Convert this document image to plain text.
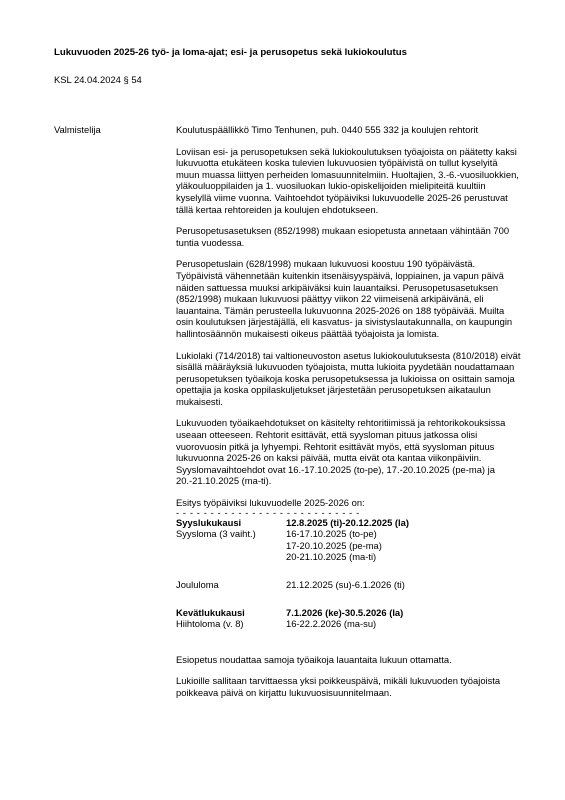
Lukuvuoden 2025-26 työ- ja loma-ajat; esi- ja perusopetus sekä lukiokoulutus
KSL 24.04.2024 § 54
Valmistelija	Koulutuspäällikkö Timo Tenhunen, puh. 0440 555 332 ja koulujen rehtorit

Loviisan esi- ja perusopetuksen sekä lukiokoulutuksen työajoista on päätetty kaksi lukuvuotta etukäteen koska tulevien lukuvuosien työpäivistä on tullut kyselyitä muun muassa liittyen perheiden lomasuunnitelmiin. Huoltajien, 3.-6.-vuosiluokkien, yläkouluoppilaiden ja 1. vuosiluokan lukio-opiskelijoiden mielipiteitä kuultiin kyselyllä viime vuonna. Vaihtoehdot työpäiviksi lukuvuodelle 2025-26 perustuvat tällä kertaa rehtoreiden ja koulujen ehdotukseen.

Perusopetusasetuksen (852/1998) mukaan esiopetusta annetaan vähintään 700 tuntia vuodessa.

Perusopetuslain (628/1998) mukaan lukuvuosi koostuu 190 työpäivästä. Työpäivistä vähennetään kuitenkin itsenäisyyspäivä, loppiainen, ja vapun päivä näiden sattuessa muuksi arkipäiväksi kuin lauantaiksi. Perusopetusasetuksen (852/1998) mukaan lukuvuosi päättyy viikon 22 viimeisenä arkipäivänä, eli lauantaina. Tämän perusteella lukuvuonna 2025-2026 on 188 työpäivää. Muilta osin koulutuksen järjestäjällä, eli kasvatus- ja sivistyslautakunnalla, on kaupungin hallintosäännön mukaisesti oikeus päättää työajoista ja lomista.

Lukiolaki (714/2018) tai valtioneuvoston asetus lukiokoulutuksesta (810/2018) eivät sisällä määräyksiä lukuvuoden työajoista, mutta lukioita pyydetään noudattamaan perusopetuksen työaikoja koska perusopetuksessa ja lukioissa on osittain samoja opettajia ja koska oppilaskuljetukset järjestetään perusopetuksen aikataulun mukaisesti.

Lukuvuoden työaikaehdotukset on käsitelty rehtoritiimissä ja rehtorikokouksissa useaan otteeseen. Rehtorit esittävät, että syysloman pituus jatkossa olisi vuorovuosin pitkä ja lyhyempi. Rehtorit esittävät myös, että syysloman pituus lukuvuonna 2025-26 on kaksi päivää, mutta eivät ota kantaa viikonpäiviin. Syyslomavaihtoehdot ovat 16.-17.10.2025 (to-pe), 17.-20.10.2025 (pe-ma) ja 20.-21.10.2025 (ma-ti).

Esitys työpäiviksi lukuvuodelle 2025-2026 on:

- - - - - - - - - - - - - - - - - - - - - - - - - - -
Syyslukukausi	12.8.2025 (ti)-20.12.2025 (la)
Syysloma (3 vaiht.)	16-17.10.2025 (to-pe)
	17-20.10.2025 (pe-ma)
	20-21.10.2025 (ma-ti)

Joululoma	21.12.2025 (su)-6.1.2026 (ti)

Kevätlukukausi	7.1.2026 (ke)-30.5.2026 (la)
Hiihtoloma (v. 8)	16-22.2.2026 (ma-su)

Esiopetus noudattaa samoja työaikoja lauantaita lukuun ottamatta.

Lukioille sallitaan tarvittaessa yksi poikkeuspäivä, mikäli lukuvuoden työajoista poikkeava päivä on kirjattu lukuvuosisuunnitelmaan.
